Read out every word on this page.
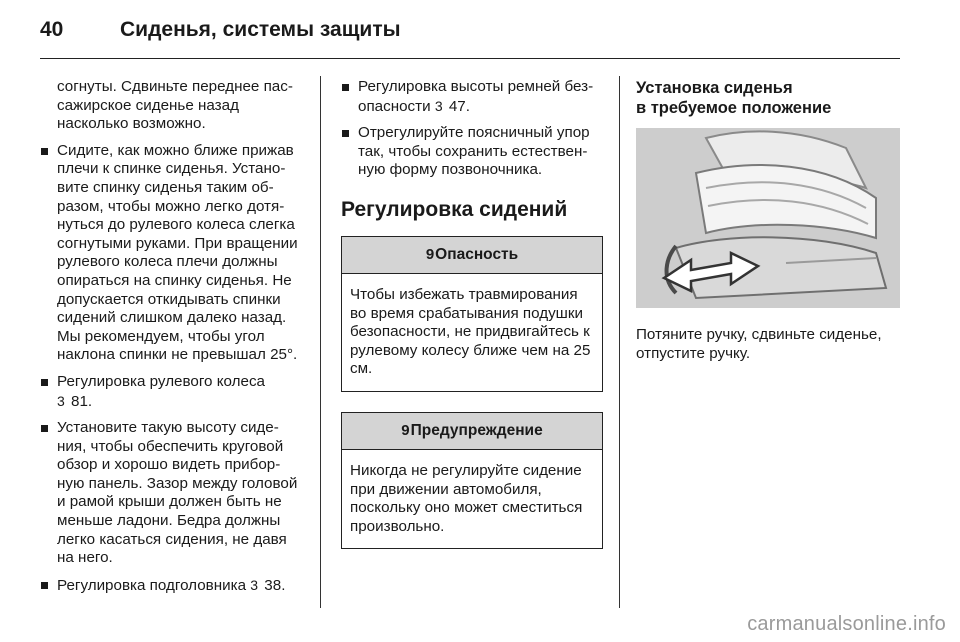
40	Сиденья, системы защиты

согнуты. Сдвиньте переднее пассажирское сиденье назад насколько возможно.

Сидите, как можно ближе прижав плечи к спинке сиденья. Установите спинку сиденья таким образом, чтобы можно легко дотянуться до рулевого колеса слегка согнутыми руками. При вращении рулевого колеса плечи должны опираться на спинку сиденья. Не допускается откидывать спинки сидений слишком далеко назад. Мы рекомендуем, чтобы угол наклона спинки не превышал 25°.

Регулировка рулевого колеса
3 81.

Установите такую высоту сидения, чтобы обеспечить круговой обзор и хорошо видеть приборную панель. Зазор между головой и рамой крыши должен быть не меньше ладони. Бедра должны легко касаться сидения, не давя на него.

Регулировка подголовника 3 38.

Регулировка высоты ремней безопасности 3 47.

Отрегулируйте поясничный упор так, чтобы сохранить естественную форму позвоночника.

Регулировка сидений
9Опасность
Чтобы избежать травмирования во время срабатывания подушки безопасности, не придвигайтесь к рулевому колесу ближе чем на 25 см.
9Предупреждение
Никогда не регулируйте сидение при движении автомобиля, поскольку оно может сместиться произвольно.
Установка сиденья
в требуемое положение

Потяните ручку, сдвиньте сиденье, отпустите ручку.

carmanualsonline.info
